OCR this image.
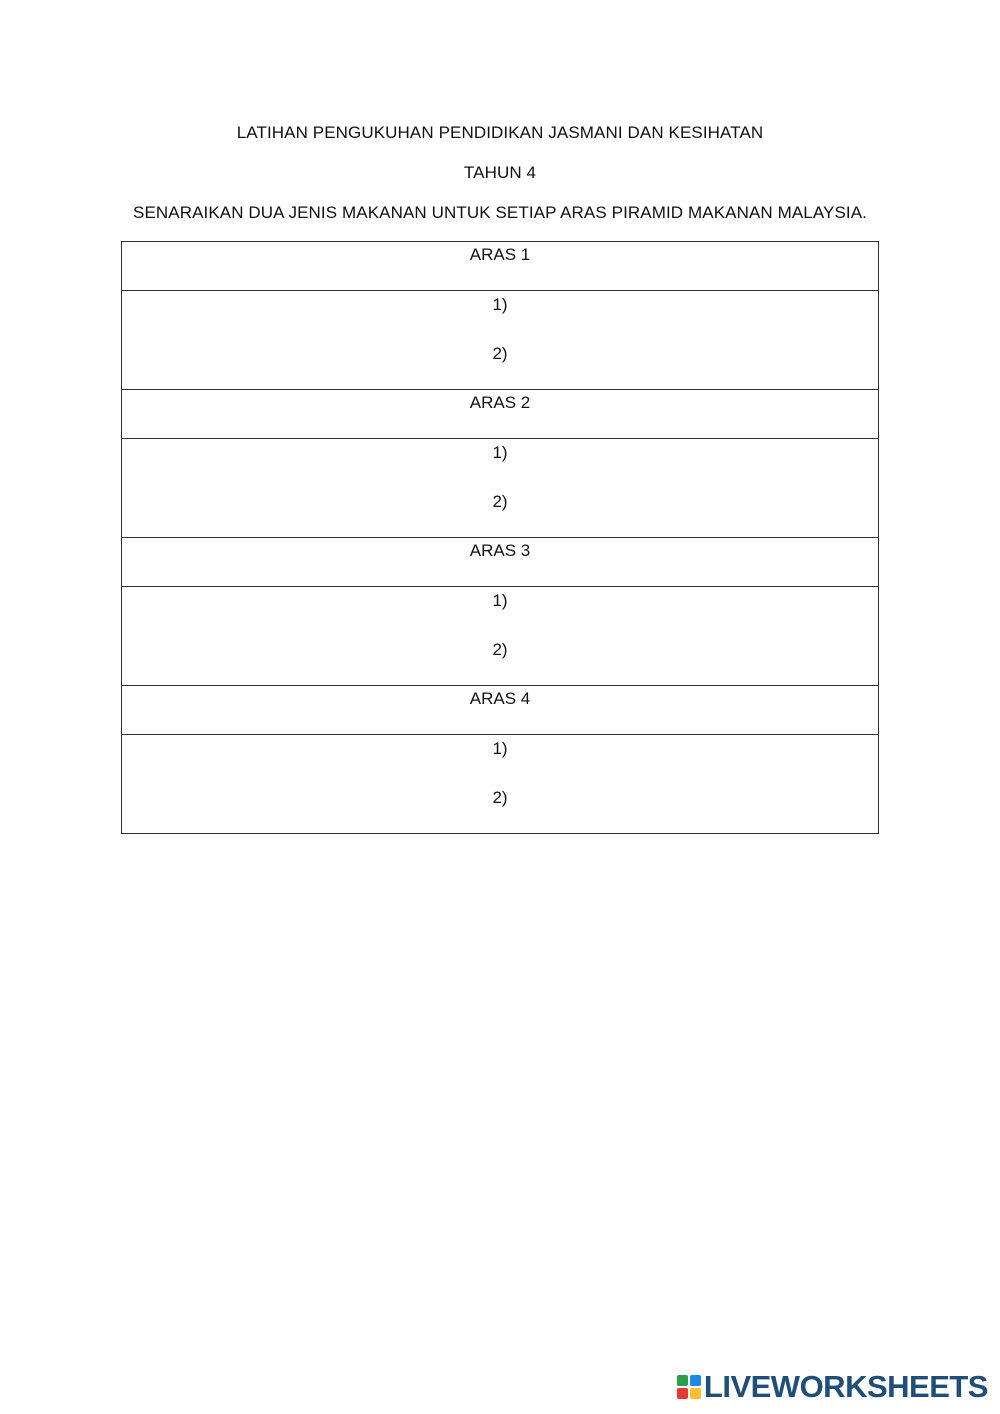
LATIHAN PENGUKUHAN PENDIDIKAN JASMANI DAN KESIHATAN
TAHUN 4
SENARAIKAN DUA JENIS MAKANAN UNTUK SETIAP ARAS PIRAMID MAKANAN MALAYSIA.
ARAS 1

1)
2)

ARAS 2

1)
2)

ARAS 3

1)
2)

ARAS 4

1)
2)
LIVEWORKSHEETS
